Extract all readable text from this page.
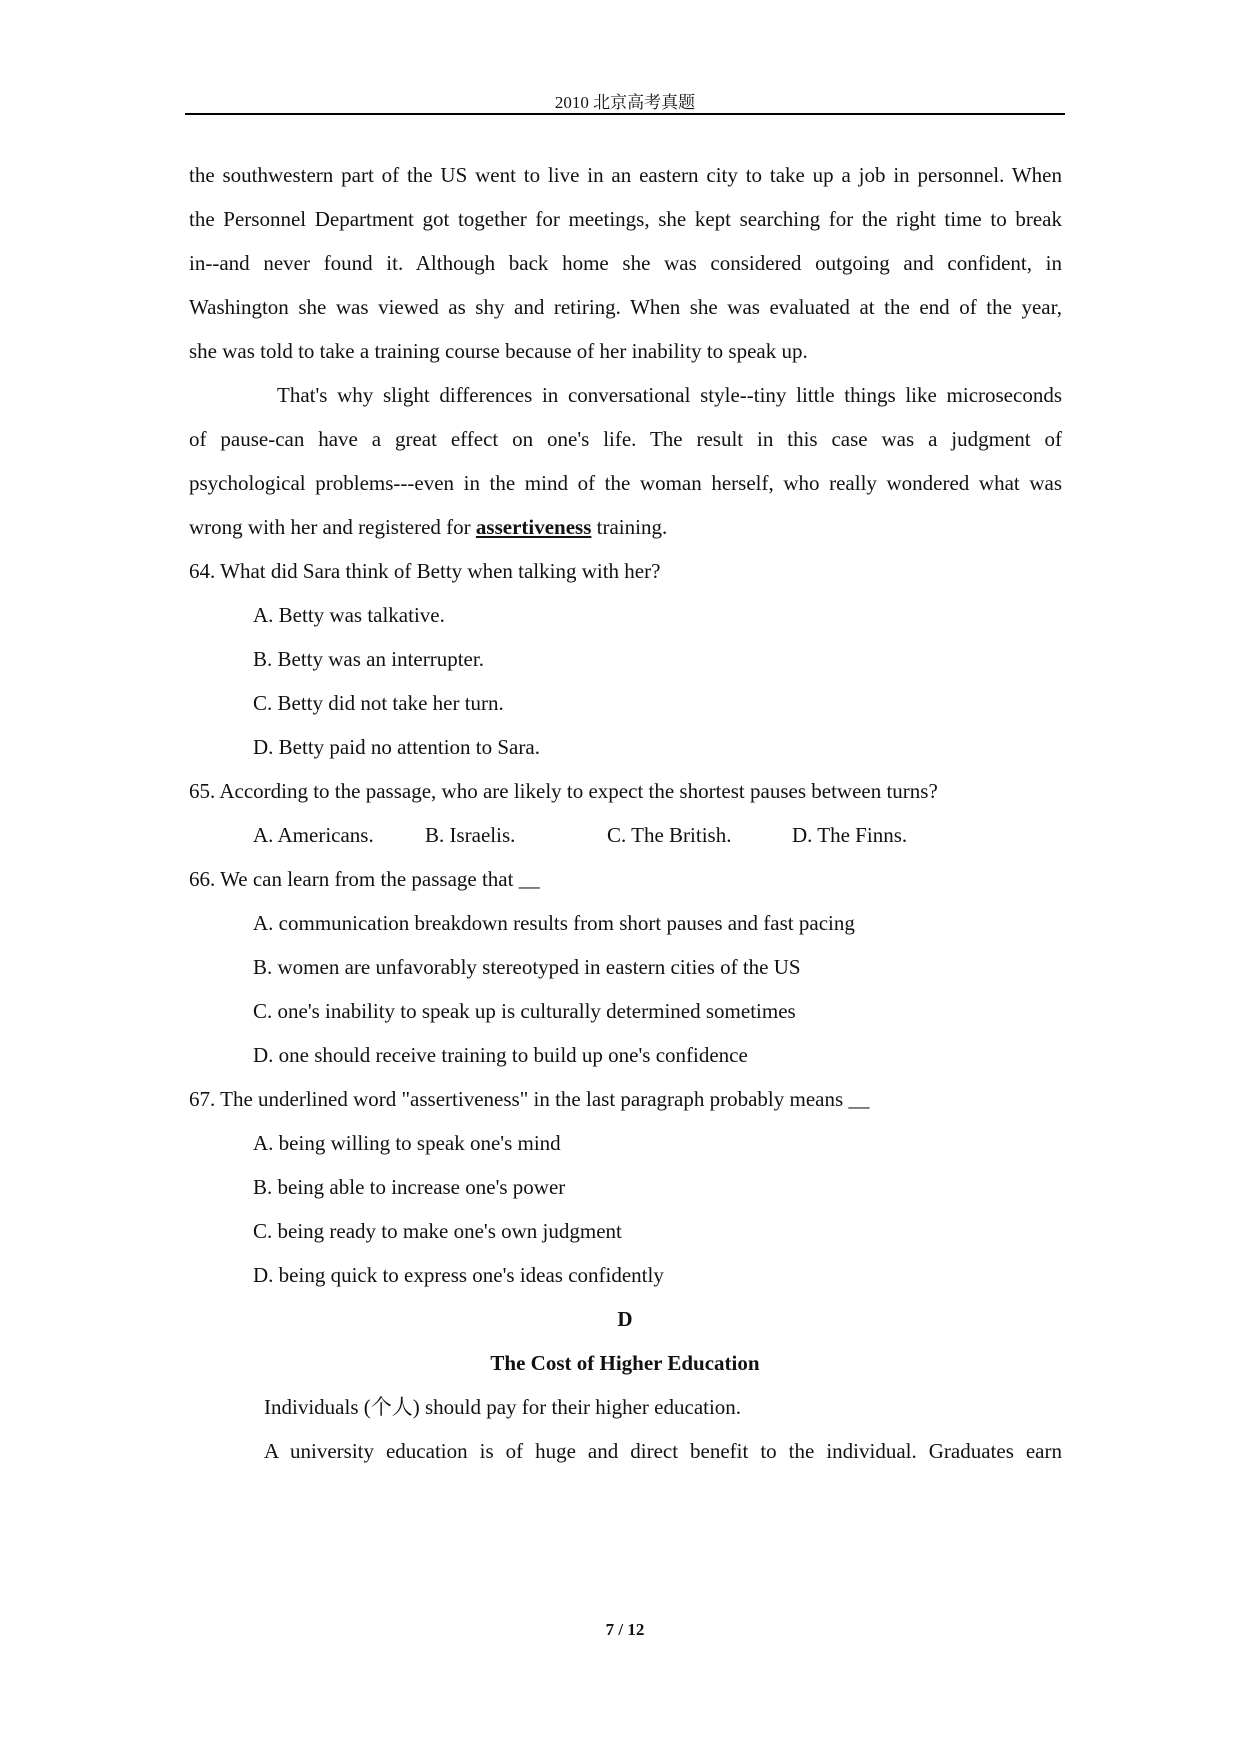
2010 北京高考真题
the southwestern part of the US went to live in an eastern city to take up a job in personnel. When
the Personnel Department got together for meetings, she kept searching for the right time to break
in--and never found it. Although back home she was considered outgoing and confident, in
Washington she was viewed as shy and retiring. When she was evaluated at the end of the year,
she was told to take a training course because of her inability to speak up.
That's why slight differences in conversational style--tiny little things like microseconds
of pause-can have a great effect on one's life. The result in this case was a judgment of
psychological problems---even in the mind of the woman herself, who really wondered what was
wrong with her and registered for assertiveness training.
64. What did Sara think of Betty when talking with her?
A. Betty was talkative.
B. Betty was an interrupter.
C. Betty did not take her turn.
D. Betty paid no attention to Sara.
65. According to the passage, who are likely to expect the shortest pauses between turns?
A. Americans. B. Israelis.	C. The British.	D. The Finns.
66. We can learn from the passage that __
A. communication breakdown results from short pauses and fast pacing
B. women are unfavorably stereotyped in eastern cities of the US
C. one's inability to speak up is culturally determined sometimes
D. one should receive training to build up one's confidence
67. The underlined word "assertiveness" in the last paragraph probably means __
A. being willing to speak one's mind
B. being able to increase one's power
C. being ready to make one's own judgment
D. being quick to express one's ideas confidently
D
The Cost of Higher Education
Individuals (个人) should pay for their higher education.
A university education is of huge and direct benefit to the individual. Graduates earn
7 / 12
